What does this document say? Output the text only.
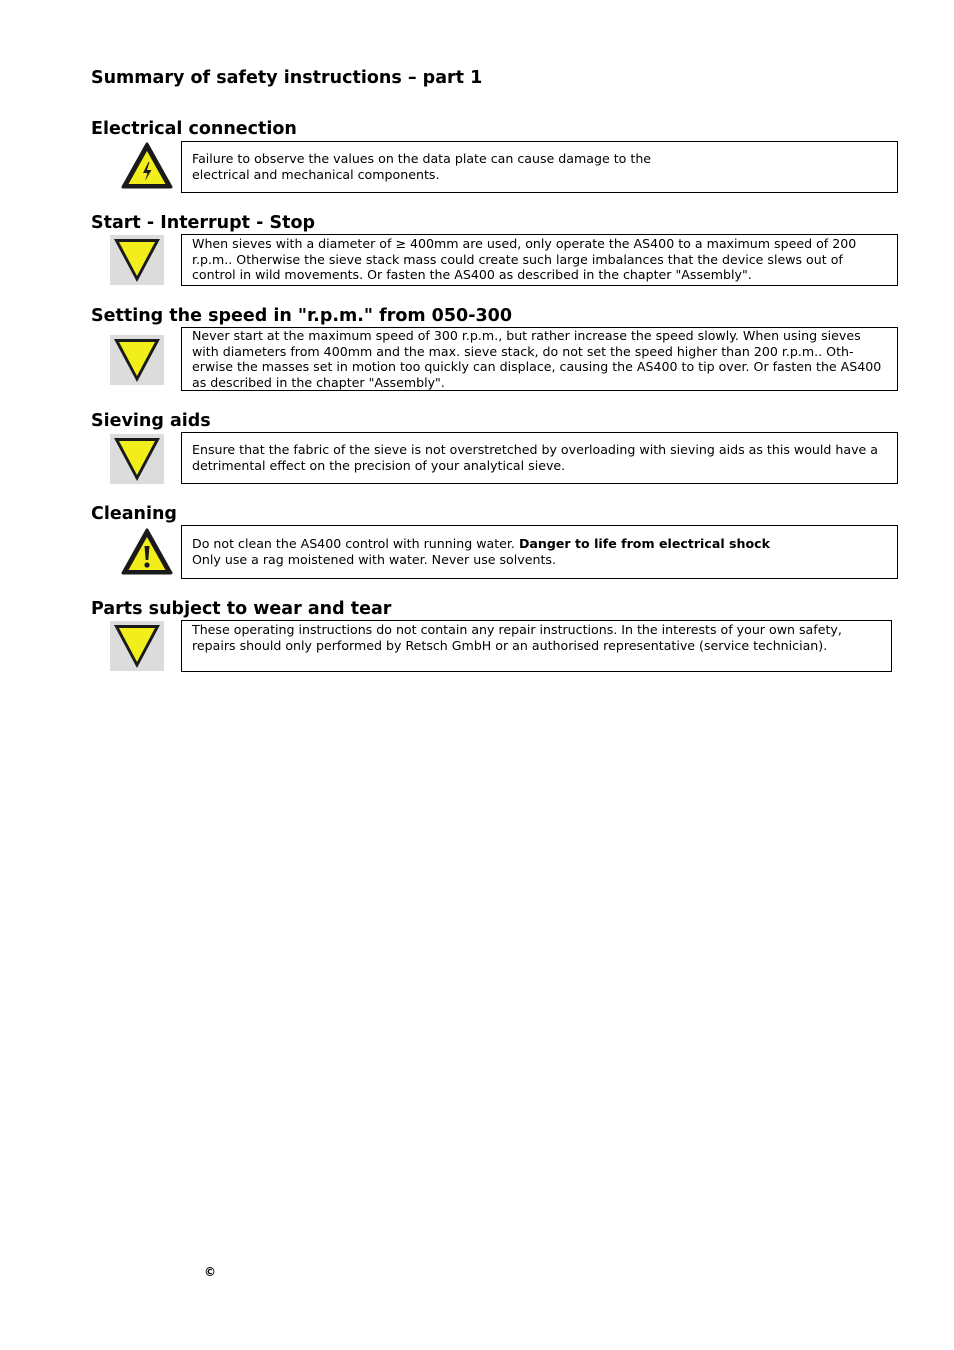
Summary of safety instructions – part 1
Electrical connection

Failure to observe the values on the data plate can cause damage to the

electrical and mechanical components.

Start - Interrupt - Stop

When sieves with a diameter of ≥ 400mm are used, only operate the AS400 to a maximum speed of 200 r.p.m.. Otherwise the sieve stack mass could create such large imbalances that the device slews out of control in wild movements. Or fasten the AS400 as described in the chapter "Assembly".

Setting the speed in "r.p.m." from 050-300

Never start at the maximum speed of 300 r.p.m., but rather increase the speed slowly. When using sieves with diameters from 400mm and the max. sieve stack, do not set the speed higher than 200 r.p.m.. Oth-erwise the masses set in motion too quickly can displace, causing the AS400 to tip over. Or fasten the AS400 as described in the chapter "Assembly".

Sieving aids

Ensure that the fabric of the sieve is not overstretched by overloading with sieving aids as this would have a detrimental effect on the precision of your analytical sieve.

Cleaning

Do not clean the AS400 control with running water. Danger to life from electrical shock

Only use a rag moistened with water. Never use solvents.

Parts subject to wear and tear

These operating instructions do not contain any repair instructions. In the interests of your own safety, repairs should only performed by Retsch GmbH or an authorised representative (service technician).

©
